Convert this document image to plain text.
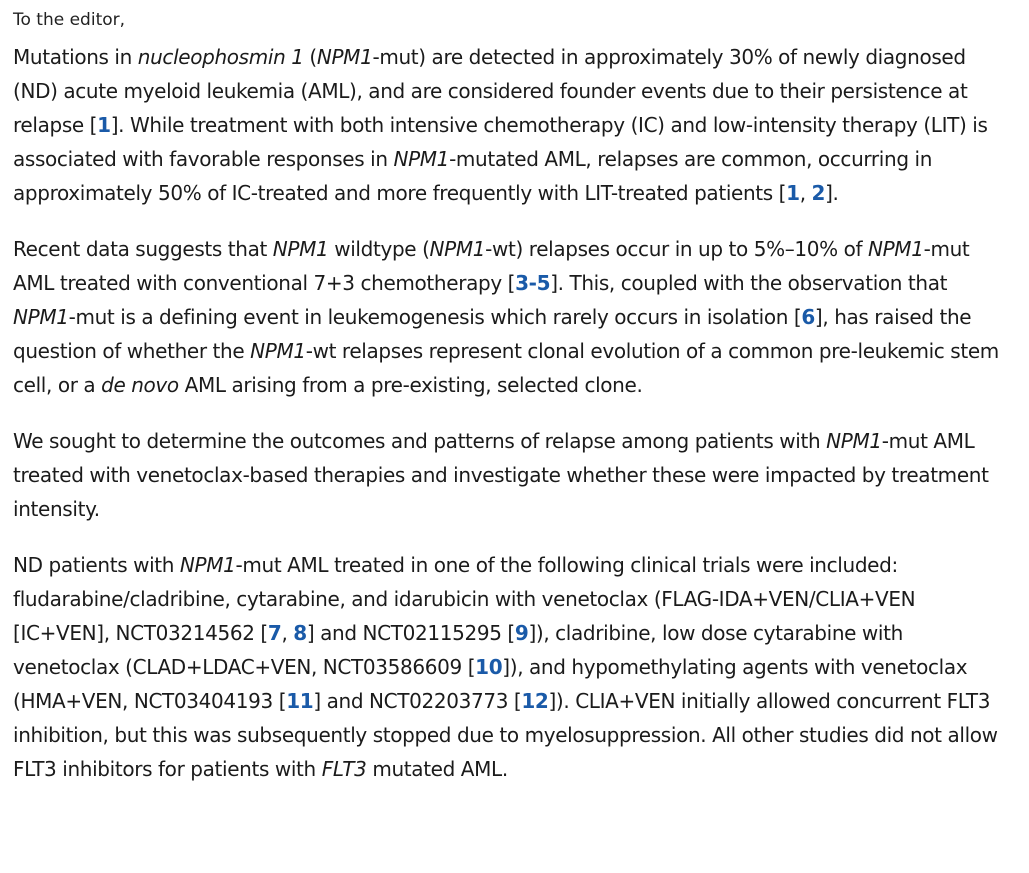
To the editor,

Mutations in nucleophosmin 1 (NPM1-mut) are detected in approximately 30% of newly diagnosed (ND) acute myeloid leukemia (AML), and are considered founder events due to their persistence at relapse [1]. While treatment with both intensive chemotherapy (IC) and low-intensity therapy (LIT) is associated with favorable responses in NPM1-mutated AML, relapses are common, occurring in approximately 50% of IC-treated and more frequently with LIT-treated patients [1, 2].

Recent data suggests that NPM1 wildtype (NPM1-wt) relapses occur in up to 5%–10% of NPM1-mut AML treated with conventional 7+3 chemotherapy [3-5]. This, coupled with the observation that NPM1-mut is a defining event in leukemogenesis which rarely occurs in isolation [6], has raised the question of whether the NPM1-wt relapses represent clonal evolution of a common pre-leukemic stem cell, or a de novo AML arising from a pre-existing, selected clone.

We sought to determine the outcomes and patterns of relapse among patients with NPM1-mut AML treated with venetoclax-based therapies and investigate whether these were impacted by treatment intensity.

ND patients with NPM1-mut AML treated in one of the following clinical trials were included: fludarabine/cladribine, cytarabine, and idarubicin with venetoclax (FLAG-IDA+VEN/CLIA+VEN [IC+VEN], NCT03214562 [7, 8] and NCT02115295 [9]), cladribine, low dose cytarabine with venetoclax (CLAD+LDAC+VEN, NCT03586609 [10]), and hypomethylating agents with venetoclax (HMA+VEN, NCT03404193 [11] and NCT02203773 [12]). CLIA+VEN initially allowed concurrent FLT3 inhibition, but this was subsequently stopped due to myelosuppression. All other studies did not allow FLT3 inhibitors for patients with FLT3 mutated AML.
